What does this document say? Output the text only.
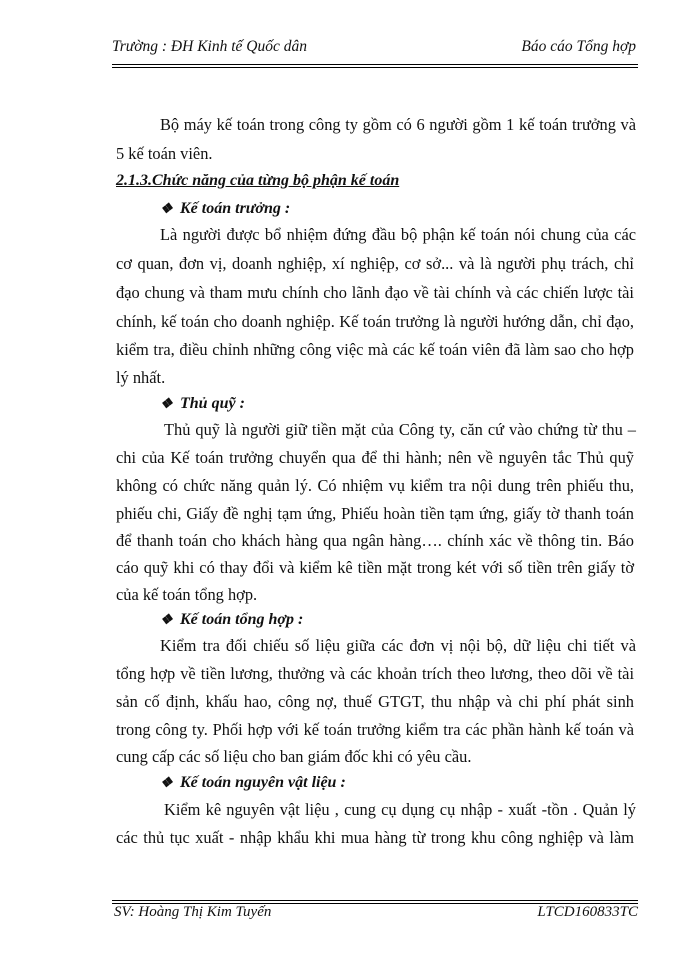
Trường : ĐH Kinh tế Quốc dân	Báo cáo Tổng hợp
Bộ máy kế toán trong công ty gồm có 6 người gồm 1 kế toán trưởng và
5 kế toán viên.
2.1.3.Chức năng của từng bộ phận kế toán
❖ Kế toán trưởng :
Là người được bổ nhiệm đứng đầu bộ phận kế toán nói chung của các
cơ quan, đơn vị, doanh nghiệp, xí nghiệp, cơ sở... và là người phụ trách, chỉ
đạo chung và tham mưu chính cho lãnh đạo về tài chính và các chiến lược tài
chính, kế toán cho doanh nghiệp. Kế toán trưởng là người hướng dẫn, chỉ đạo,
kiểm tra, điều chỉnh những công việc mà các kế toán viên đã làm sao cho hợp
lý nhất.
❖ Thủ quỹ :
Thủ quỹ là người giữ tiền mặt của Công ty, căn cứ vào chứng từ thu –
chi của Kế toán trưởng chuyển qua để thi hành; nên về nguyên tắc Thủ quỹ
không có chức năng quản lý. Có nhiệm vụ kiểm tra nội dung trên phiếu thu,
phiếu chi, Giấy đề nghị tạm ứng, Phiếu hoàn tiền tạm ứng, giấy tờ thanh toán
để thanh toán cho khách hàng qua ngân hàng…. chính xác về thông tin. Báo
cáo quỹ khi có thay đổi và kiểm kê tiền mặt trong két với số tiền trên giấy tờ
của kế toán tổng hợp.
❖ Kế toán tổng hợp :
Kiểm tra đối chiếu số liệu giữa các đơn vị nội bộ, dữ liệu chi tiết và
tổng hợp về tiền lương, thưởng và các khoản trích theo lương, theo dõi về tài
sản cố định, khấu hao, công nợ, thuế GTGT, thu nhập và chi phí phát sinh
trong công ty. Phối hợp với kế toán trưởng kiểm tra các phần hành kế toán và
cung cấp các số liệu cho ban giám đốc khi có yêu cầu.
❖ Kế toán nguyên vật liệu :
Kiểm kê nguyên vật liệu , cung cụ dụng cụ nhập - xuất -tồn . Quản lý
các thủ tục xuất - nhập khẩu khi mua hàng từ trong khu công nghiệp và làm
SV: Hoàng Thị Kim Tuyến	LTCD160833TC
